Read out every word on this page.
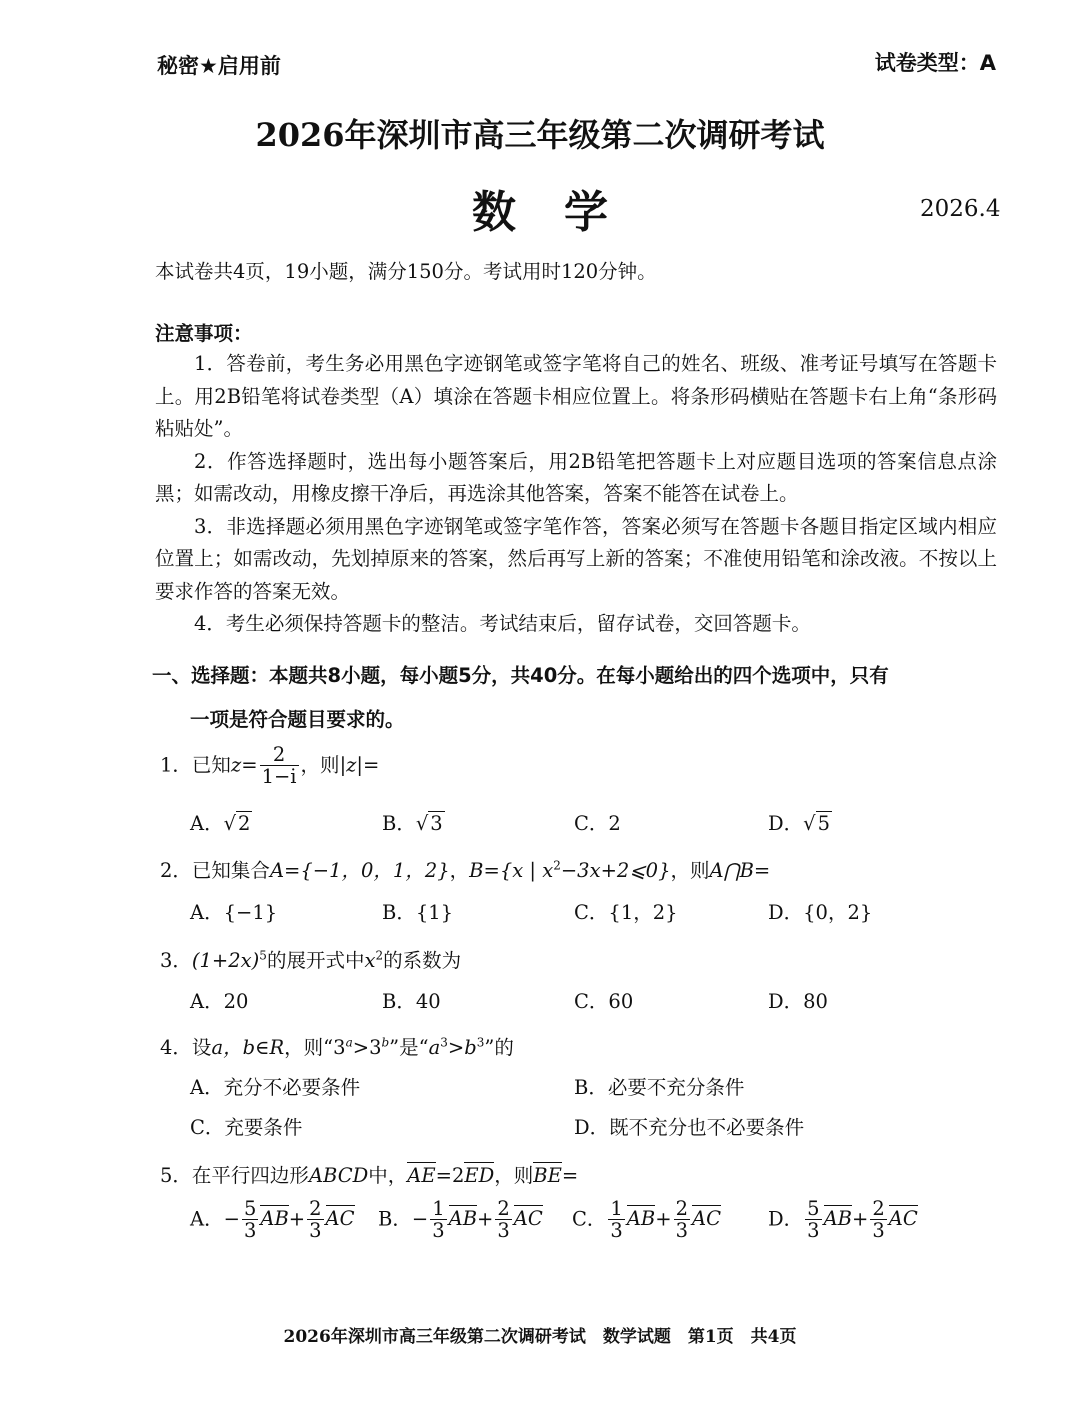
秘密★启用前	试卷类型：A
2026年深圳市高三年级第二次调研考试
数学	2026.4
本试卷共4页，19小题，满分150分。考试用时120分钟。
注意事项：

1．答卷前，考生务必用黑色字迹钢笔或签字笔将自己的姓名、班级、准考证号填写在答题卡上。用2B铅笔将试卷类型（A）填涂在答题卡相应位置上。将条形码横贴在答题卡右上角“条形码粘贴处”。

2．作答选择题时，选出每小题答案后，用2B铅笔把答题卡上对应题目选项的答案信息点涂黑；如需改动，用橡皮擦干净后，再选涂其他答案，答案不能答在试卷上。

3．非选择题必须用黑色字迹钢笔或签字笔作答，答案必须写在答题卡各题目指定区域内相应位置上；如需改动，先划掉原来的答案，然后再写上新的答案；不准使用铅笔和涂改液。不按以上要求作答的答案无效。

4．考生必须保持答题卡的整洁。考试结束后，留存试卷，交回答题卡。

一、选择题：本题共8小题，每小题5分，共40分。在每小题给出的四个选项中，只有
一项是符合题目要求的。
1．已知$z= \frac{2}{1-i}$ ，则|z|=
A．√ 2	B．√ 3	C．2	D．√ 5
2．已知集合A={−1，0，1，2}，B={x | $x^2-3x+2⩽0$}，则A⋂B=
A．{−1}	B．{1}	C．{1，2}	D．{0，2}
3．$(1+2x)^5$的展开式中$x^2$的系数为
A．20	B．40	C．60	D．80
4．设a，b∈R，则“$3^a>3^b$”是“$a^3>b^3$”的
A．充分不必要条件	B．必要不充分条件
C．充要条件	D．既不充分也不必要条件
5．在平行四边形ABCD中，AE=2ED，则BE=
A．− $\frac{5}{3} AB+ \frac{2}{3}$ AC B．− $\frac{1}{3} AB+ \frac{2}{3}$ AC C． $\frac{1}{3} AB+ \frac{2}{3}$ AC D． $\frac{5}{3} AB+ \frac{2}{3}$ AC
2026年深圳市高三年级第二次调研考试　数学试题　第1页　共4页
